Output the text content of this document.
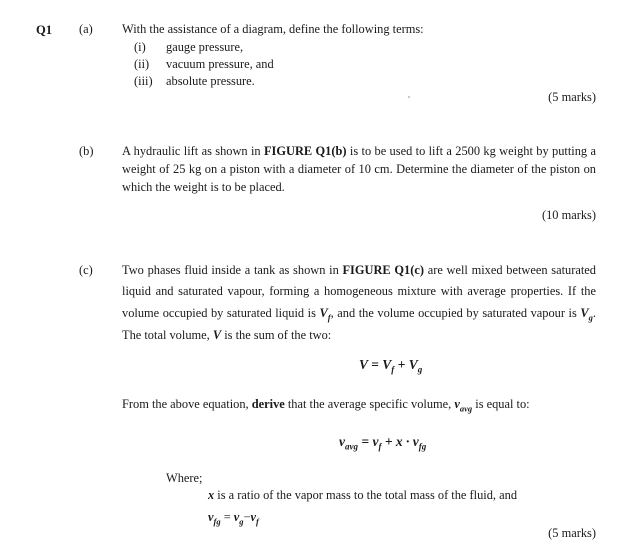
Q1 (a) With the assistance of a diagram, define the following terms:
(i)	gauge pressure,
(ii)	vacuum pressure, and
(iii)	absolute pressure.
(5 marks)
(b) A hydraulic lift as shown in FIGURE Q1(b) is to be used to lift a 2500 kg weight by putting a weight of 25 kg on a piston with a diameter of 10 cm. Determine the diameter of the piston on which the weight is to be placed.
(10 marks)
(c) Two phases fluid inside a tank as shown in FIGURE Q1(c) are well mixed between saturated liquid and saturated vapour, forming a homogeneous mixture with average properties. If the volume occupied by saturated liquid is $V_f$, and the volume occupied by saturated vapour is $V_g$. The total volume, V is the sum of the two:
$V = V_f + V_g$
From the above equation, derive that the average specific volume, $v_{avg}$ is equal to:
$v_{avg} = v_f + x \cdot v_{fg}$
Where;
x is a ratio of the vapor mass to the total mass of the fluid, and
$v_{fg} = v_g-v_f$
(5 marks)
